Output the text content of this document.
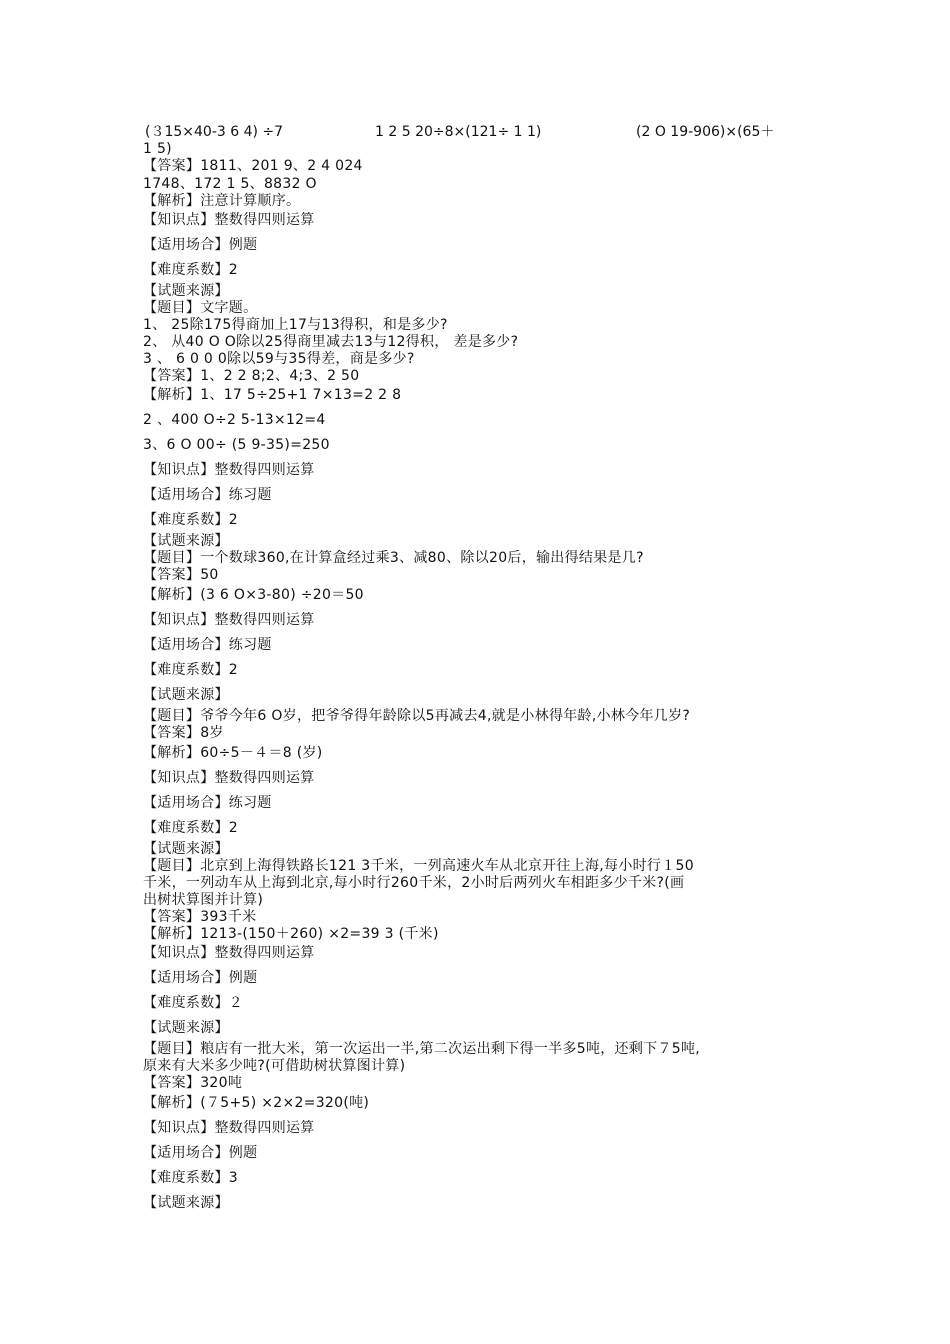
(３15×40-3 6 4) ÷7	1 2 5 20÷8×(121÷ 1 1)	(2 O 19-906)×(65＋

1 5)

【答案】1811、201 9、2 4 024

1748、172 1 5、8832 O

【解析】注意计算顺序。

【知识点】整数得四则运算

【适用场合】例题

【难度系数】2

【试题来源】

【题目】文字题。

1、 25除175得商加上17与13得积，和是多少?

2、 从40 O O除以25得商里减去13与12得积， 差是多少?

3 、 6 0 0 0除以59与35得差，商是多少?

【答案】1、2 2 8;2、4;3、2 50

【解析】1、17 5÷25+1 7×13=2 2 8

2 、400 O÷2 5-13×12=4

3、6 O 00÷ (5 9-35)=250

【知识点】整数得四则运算

【适用场合】练习题

【难度系数】2

【试题来源】

【题目】一个数球360,在计算盒经过乘3、减80、除以20后，输出得结果是几?

【答案】50

【解析】(3 6 O×3-80) ÷20＝50

【知识点】整数得四则运算

【适用场合】练习题

【难度系数】2

【试题来源】

【题目】爷爷今年6 O岁，把爷爷得年龄除以5再减去4,就是小林得年龄,小林今年几岁?

【答案】8岁

【解析】60÷5－４＝8 (岁)

【知识点】整数得四则运算

【适用场合】练习题

【难度系数】2

【试题来源】

【题目】北京到上海得铁路长121 3千米，一列高速火车从北京开往上海,每小时行１50

千米，一列动车从上海到北京,每小时行260千米，2小时后两列火车相距多少千米?(画

出树状算图并计算)

【答案】393千米

【解析】1213-(150＋260) ×2=39 3 (千米)

【知识点】整数得四则运算

【适用场合】例题

【难度系数】２

【试题来源】

【题目】粮店有一批大米，第一次运出一半,第二次运出剩下得一半多5吨，还剩下７5吨,

原来有大米多少吨?(可借助树状算图计算)

【答案】320吨

【解析】(７5+5) ×2×2=320(吨)

【知识点】整数得四则运算

【适用场合】例题

【难度系数】3

【试题来源】
